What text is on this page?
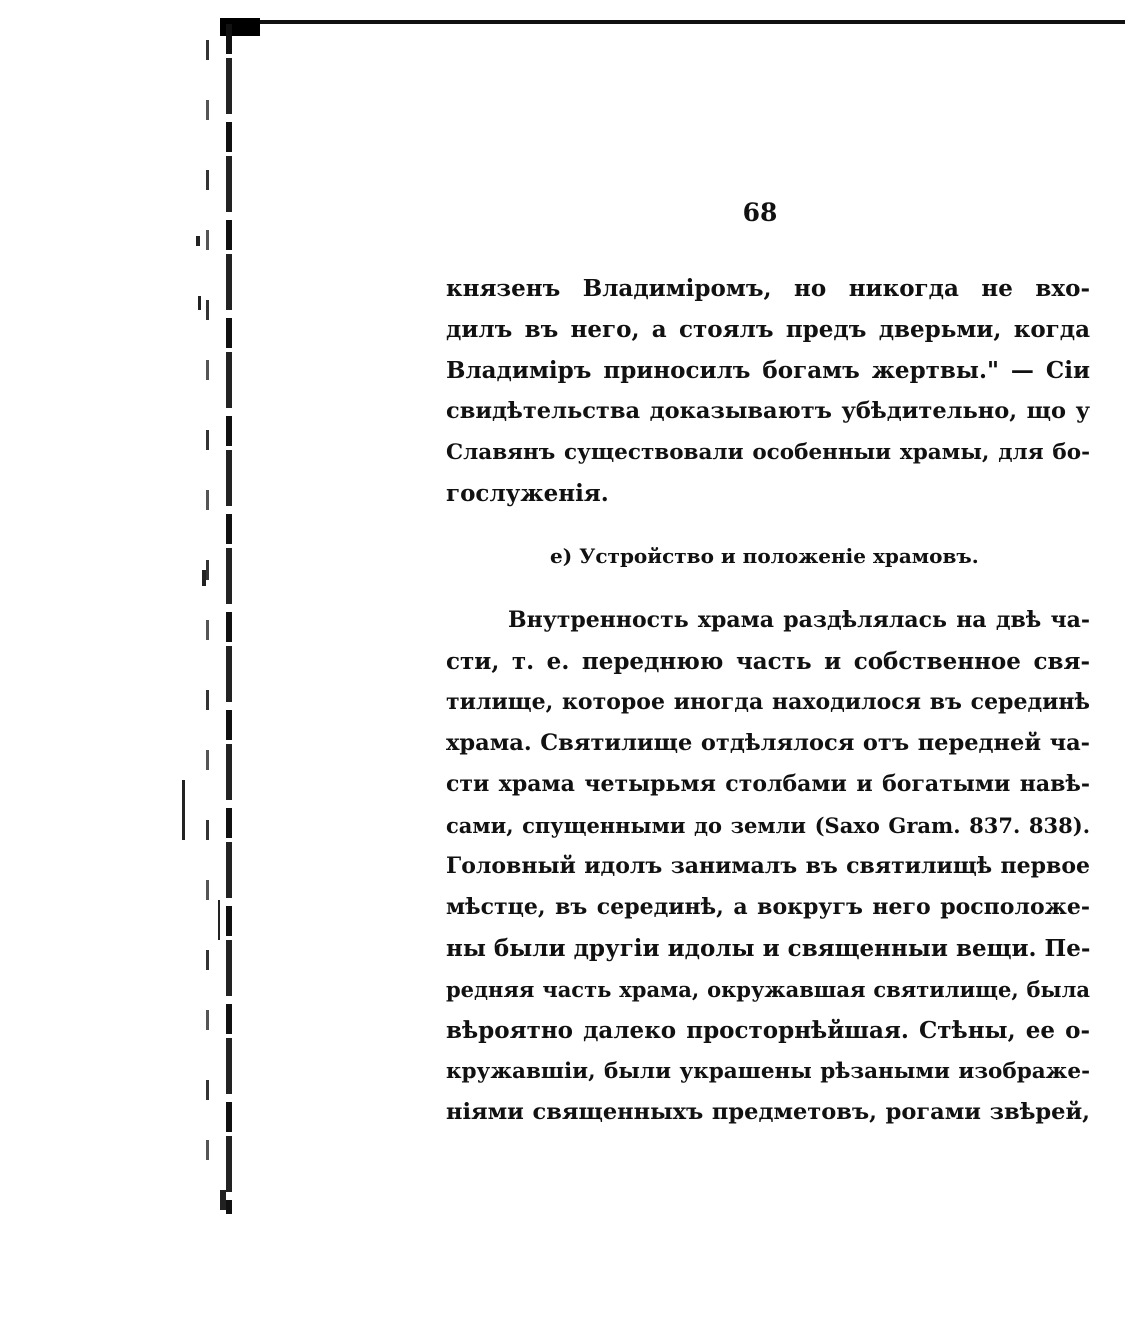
68
князенъ Владимiромъ, но никогда не вхо-
дилъ въ него, а стоялъ предъ дверьми, когда
Владимiръ приносилъ богамъ жертвы." — Сiи
свидѣтельства доказываютъ убѣдительно, що у
Славянъ существовали особенныи храмы, для бо-
гослуженiя.
е) Устройство и положенiе храмовъ.
Внутренность храма раздѣлялась на двѣ ча-
сти, т. е. переднюю часть и собственное свя-
тилище, которое иногда находилося въ серединѣ
храма. Святилище отдѣлялося отъ передней ча-
сти храма четырьмя столбами и богатыми навѣ-
сами, спущенными до земли (Saxo Gram. 837. 838).
Головный идолъ занималъ въ святилищѣ первое
мѣстце, въ серединѣ, а вокругъ него росположе-
ны были другiи идолы и священныи вещи. Пе-
редняя часть храма, окружавшая святилище, была
вѣроятно далеко просторнѣйшая. Стѣны, ее о-
кружавшiи, были украшены рѣзаными изображе-
нiями священныхъ предметовъ, рогами звѣрей,
